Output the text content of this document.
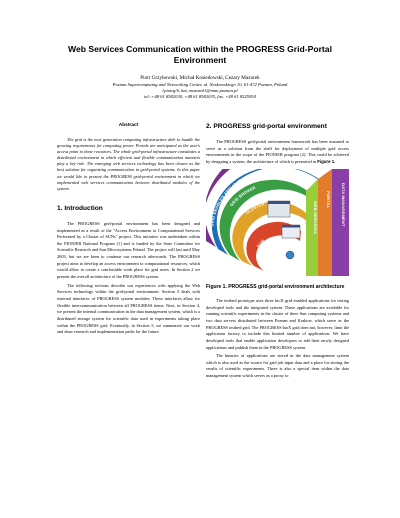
Web Services Communication within the PROGRESS Grid-Portal
Environment
Piotr Grzybowski, Michał Kosiedowski, Cezary Mazurek
Poznan Supercomputing and Networking Center, ul. Noskowskiego 10, 61-472 Poznan, Poland
{piotrg/h, kat, mazurek}@man.poznan.pl
tel.:+48 61 8582030, +48 61 8582035, fax. +48 61 8525954
Abstract

The grid is the next generation computing infrastructure able to handle the growing requirements for computing power. Portals are anticipated as the user's access point to these resources. The whole grid-portal infrastructure constitutes a distributed environment in which efficient and flexible communication manners play a key role. The emerging web services technology has been chosen as the best solution for organizing communication in grid-portal systems. In this paper we would like to present the PROGRESS grid-portal environment in which we implemented web services communication between distributed modules of the system.

1. Introduction

The PROGRESS grid-portal environment has been designed and implemented as a result of the "Access Environment to Computational Services Performed by a Cluster of SUNs" project. This initiative was undertaken within the PIONIER National Program [1] and is funded by the State Committee for Scientific Research and Sun Microsystems Poland. The project will last until May 2003, but we are keen to continue our research afterwards. The PROGRESS project aims to develop an access environment to computational resources, which would allow to create a comfortable work place for grid users. In Section 2 we present the overall architecture of the PROGRESS system.

The following sections describe our experiences with applying the Web Services technology within the grid-portal environment. Section 3 deals with external interfaces of PROGRESS system modules. These interfaces allow for flexible intercommunication between all PROGRESS items. Next, in Section 4, we present the internal communication in the data management system, which is a distributed storage system for scientific data used in experiments taking place within the PROGRESS grid. Eventually, in Section 5, we summarize our work and draw research and implementation paths for the future.

2. PROGRESS grid-portal environment

The PROGRESS grid-portal environment framework has been assumed to serve as a solution from the shelf for deployment of multiple grid access environments in the scope of the PIONIER program [2]. This could be achieved by designing a system, the architecture of which is presented in Figure 1.

GRID ENABLED APPLICATION
GRID BROKER
CLUSTER
SUN GRID
SUN
DATA MANAGEMENT
PORTAL
WEB SERVICES
Figure 1. PROGRESS grid-portal environment architecture

The testbed prototype uses three bioX grid enabled applications for testing developed tools and the integrated system. These applications are available for running scientific experiments in the cluster of three Sun computing systems and two data servers distributed between Poznan and Krakow, which serve as the PROGRESS testbed grid. The PROGRESS bioX grid does not, however, limit the application factory to include this limited number of applications. We have developed tools that enable application developers to add their newly designed applications and publish them in the PROGRESS system.

The binaries of applications are stored in the data management system which is also used as the source for grid job input data and a place for storing the results of scientific experiments. There is also a special item within the data management system which serves as a proxy to
